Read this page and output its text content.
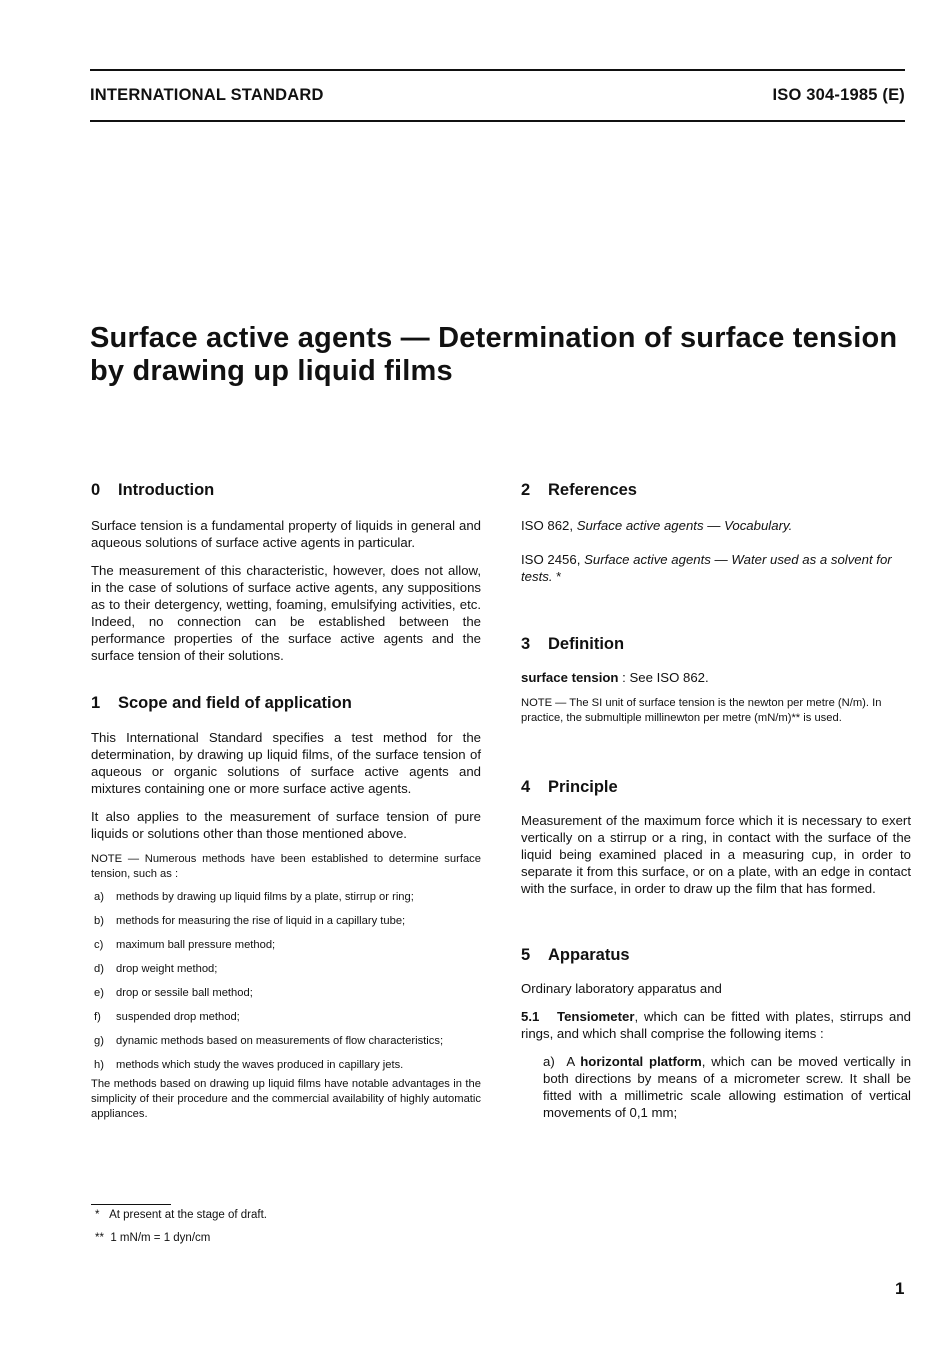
INTERNATIONAL STANDARD	ISO 304-1985 (E)
Surface active agents — Determination of surface tension by drawing up liquid films
0 Introduction

Surface tension is a fundamental property of liquids in general and aqueous solutions of surface active agents in particular.

The measurement of this characteristic, however, does not allow, in the case of solutions of surface active agents, any suppositions as to their detergency, wetting, foaming, emulsifying activities, etc. Indeed, no connection can be established between the performance properties of the surface active agents and the surface tension of their solutions.

1 Scope and field of application

This International Standard specifies a test method for the determination, by drawing up liquid films, of the surface tension of aqueous or organic solutions of surface active agents and mixtures containing one or more surface active agents.

It also applies to the measurement of surface tension of pure liquids or solutions other than those mentioned above.

NOTE — Numerous methods have been established to determine surface tension, such as :

a) methods by drawing up liquid films by a plate, stirrup or ring;
b) methods for measuring the rise of liquid in a capillary tube;
c) maximum ball pressure method;
d) drop weight method;
e) drop or sessile ball method;
f) suspended drop method;
g) dynamic methods based on measurements of flow characteristics;
h) methods which study the waves produced in capillary jets.

The methods based on drawing up liquid films have notable advantages in the simplicity of their procedure and the commercial availability of highly automatic appliances.

2 References

ISO 862, Surface active agents — Vocabulary.

ISO 2456, Surface active agents — Water used as a solvent for tests. *

3 Definition

surface tension : See ISO 862.

NOTE — The SI unit of surface tension is the newton per metre (N/m). In practice, the submultiple millinewton per metre (mN/m)** is used.

4 Principle

Measurement of the maximum force which it is necessary to exert vertically on a stirrup or a ring, in contact with the surface of the liquid being examined placed in a measuring cup, in order to separate it from this surface, or on a plate, with an edge in contact with the surface, in order to draw up the film that has formed.

5 Apparatus

Ordinary laboratory apparatus and

5.1 Tensiometer, which can be fitted with plates, stirrups and rings, and which shall comprise the following items :

a) A horizontal platform, which can be moved vertically in both directions by means of a micrometer screw. It shall be fitted with a millimetric scale allowing estimation of vertical movements of 0,1 mm;

* At present at the stage of draft.
** 1 mN/m = 1 dyn/cm
1
